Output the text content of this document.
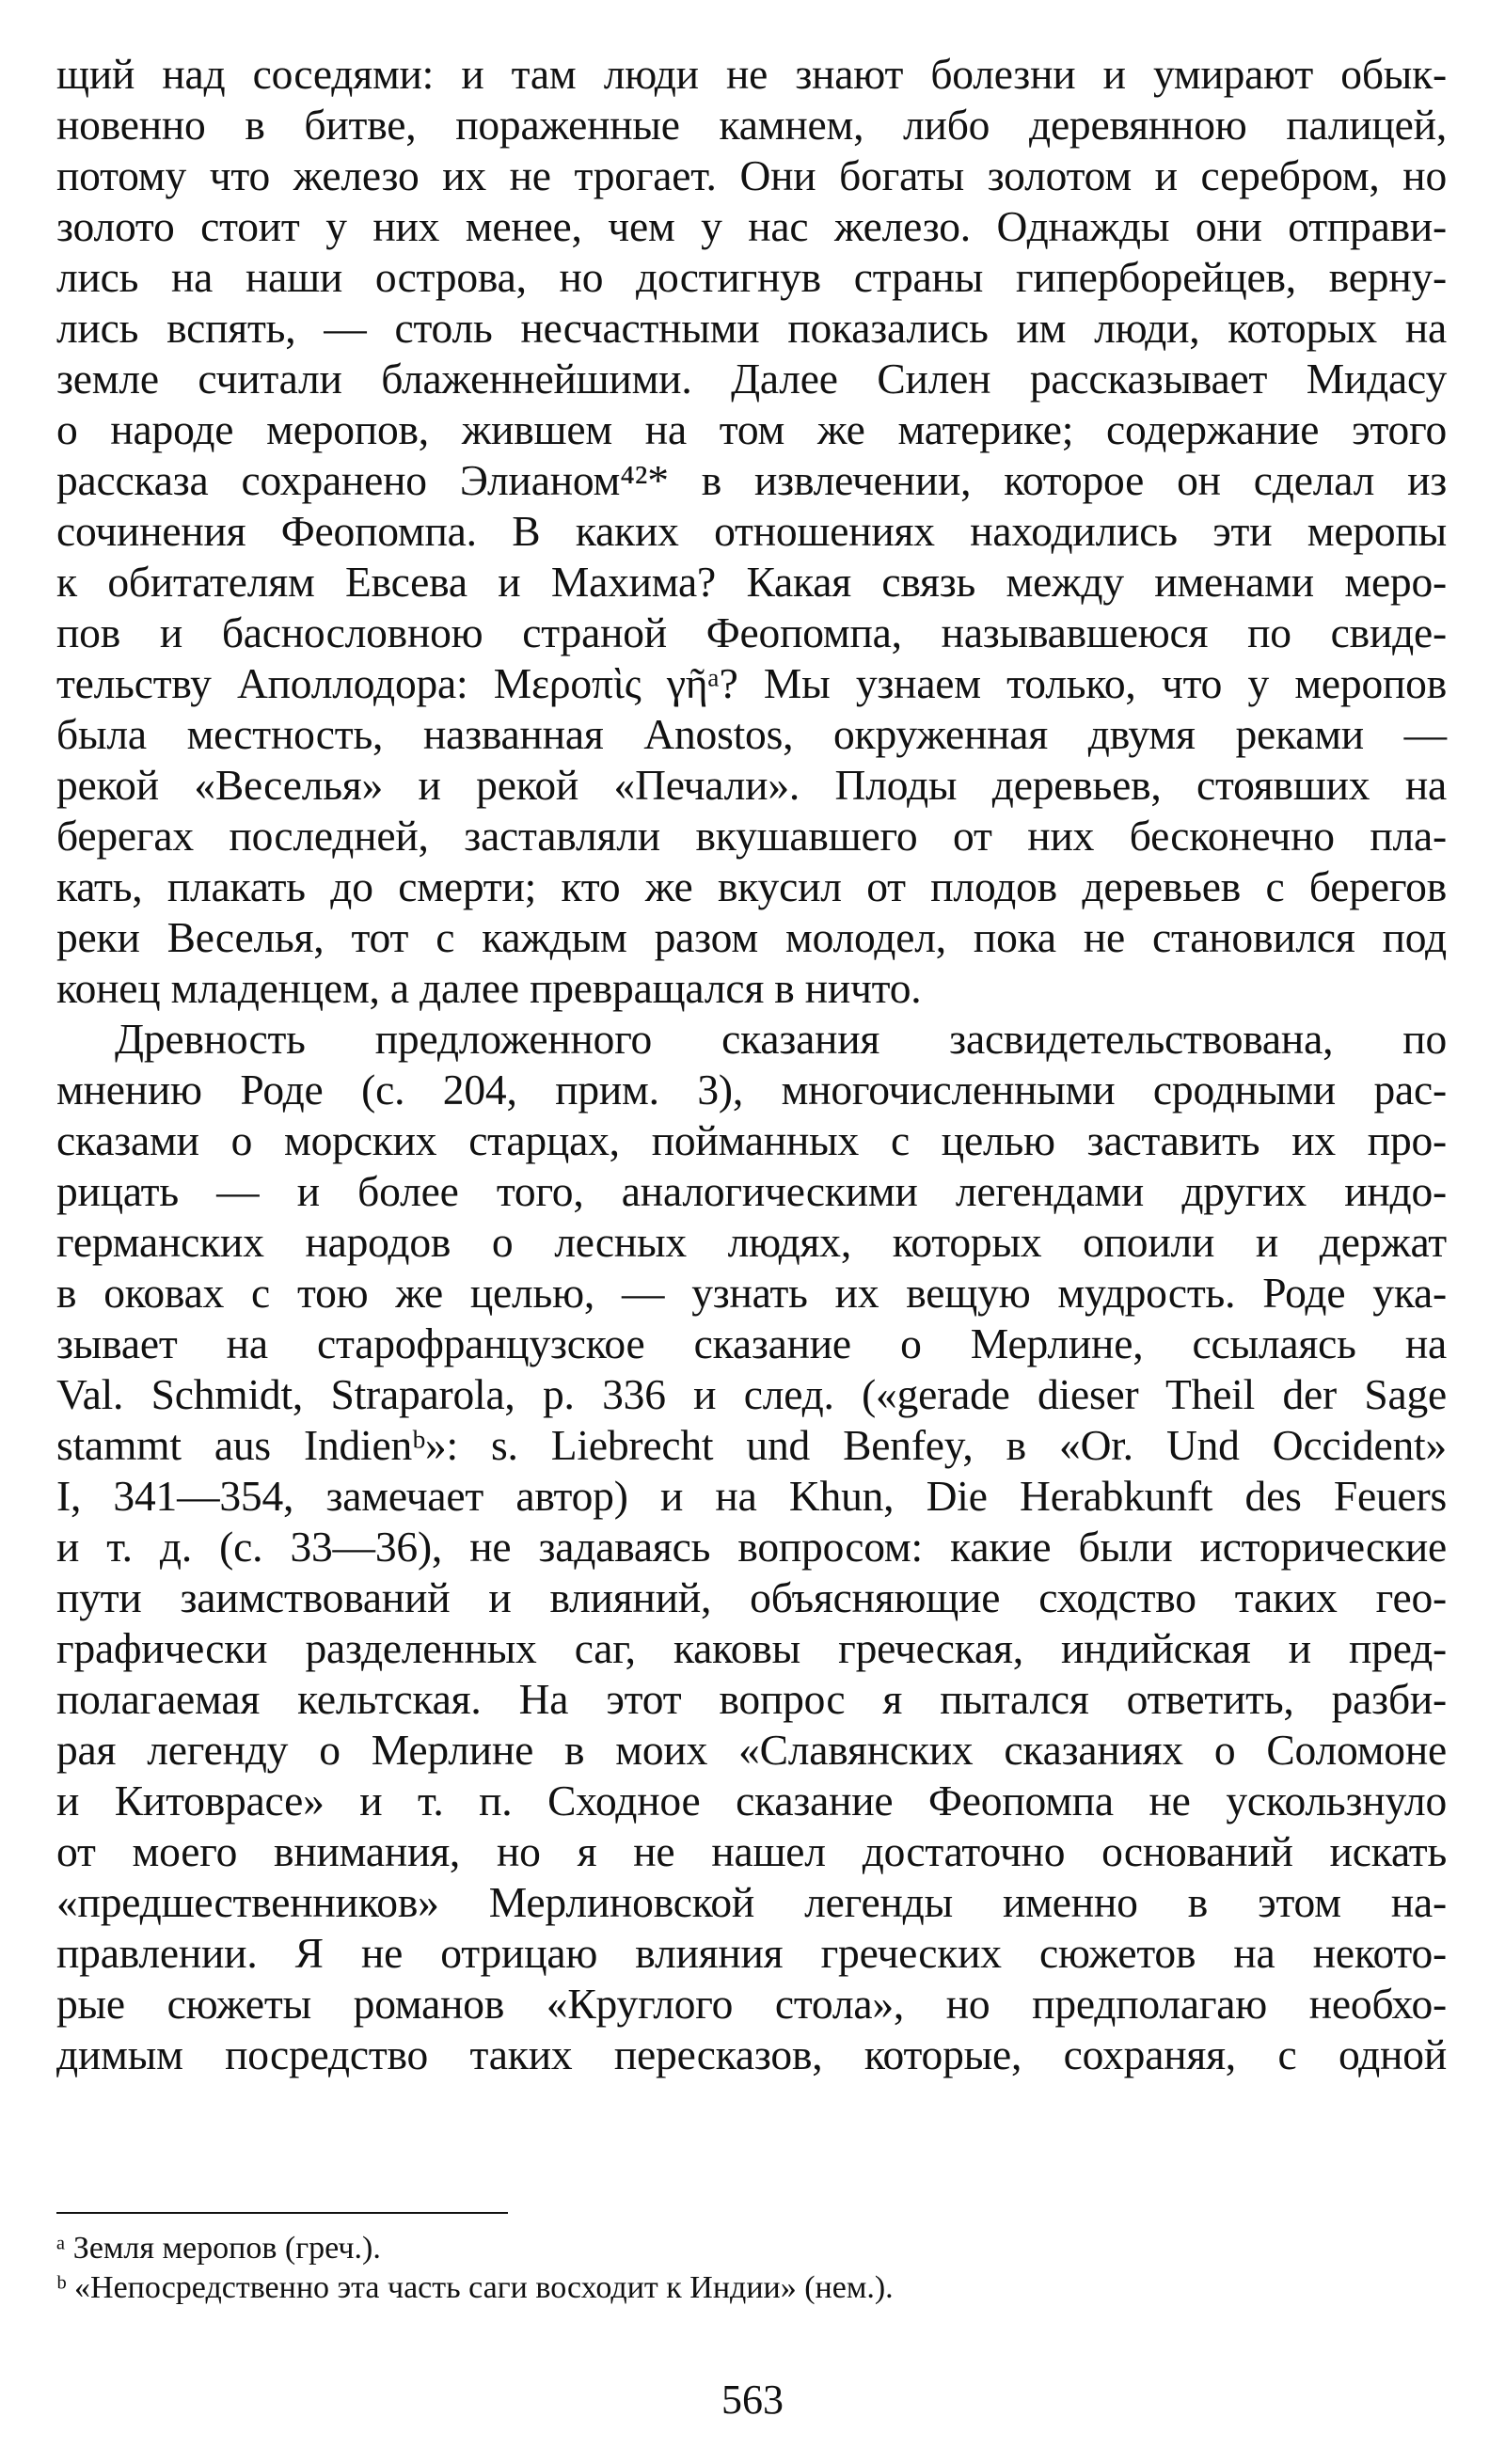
щий над соседями: и там люди не знают болезни и умирают обык-
новенно в битве, пораженные камнем, либо деревянною палицей,
потому что железо их не трогает. Они богаты золотом и серебром, но
золото стоит у них менее, чем у нас железо. Однажды они отправи-
лись на наши острова, но достигнув страны гиперборейцев, верну-
лись вспять, — столь несчастными показались им люди, которых на
земле считали блаженнейшими. Далее Силен рассказывает Мидасу
о народе меропов, жившем на том же материке; содержание этого
рассказа сохранено Элианом⁴²* в извлечении, которое он сделал из
сочинения Феопомпа. В каких отношениях находились эти меропы
к обитателям Евсева и Махима? Какая связь между именами меро-
пов и баснословною страной Феопомпа, называвшеюся по свиде-
тельству Аполлодора: Μεροπὶς γῆᵃ? Мы узнаем только, что у меропов
была местность, названная Anostos, окруженная двумя реками —
рекой «Веселья» и рекой «Печали». Плоды деревьев, стоявших на
берегах последней, заставляли вкушавшего от них бесконечно пла-
кать, плакать до смерти; кто же вкусил от плодов деревьев с берегов
реки Веселья, тот с каждым разом молодел, пока не становился под
конец младенцем, а далее превращался в ничто.
Древность предложенного сказания засвидетельствована, по
мнению Роде (с. 204, прим. 3), многочисленными сродными рас-
сказами о морских старцах, пойманных с целью заставить их про-
рицать — и более того, аналогическими легендами других индо-
германских народов о лесных людях, которых опоили и держат
в оковах с тою же целью, — узнать их вещую мудрость. Роде ука-
зывает на старофранцузское сказание о Мерлине, ссылаясь на
Val. Schmidt, Straparola, p. 336 и след. («gerade dieser Theil der Sage
stammt aus Indienᵇ»: s. Liebrecht und Benfey, в «Or. Und Occident»
I, 341—354, замечает автор) и на Khun, Die Herabkunft des Feuers
и т. д. (с. 33—36), не задаваясь вопросом: какие были исторические
пути заимствований и влияний, объясняющие сходство таких гео-
графически разделенных саг, каковы греческая, индийская и пред-
полагаемая кельтская. На этот вопрос я пытался ответить, разби-
рая легенду о Мерлине в моих «Славянских сказаниях о Соломоне
и Китоврасе» и т. п. Сходное сказание Феопомпа не ускользнуло
от моего внимания, но я не нашел достаточно оснований искать
«предшественников» Мерлиновской легенды именно в этом на-
правлении. Я не отрицаю влияния греческих сюжетов на некото-
рые сюжеты романов «Круглого стола», но предполагаю необхо-
димым посредство таких пересказов, которые, сохраняя, с одной
ᵃ Земля меропов (греч.).
ᵇ «Непосредственно эта часть саги восходит к Индии» (нем.).
563
